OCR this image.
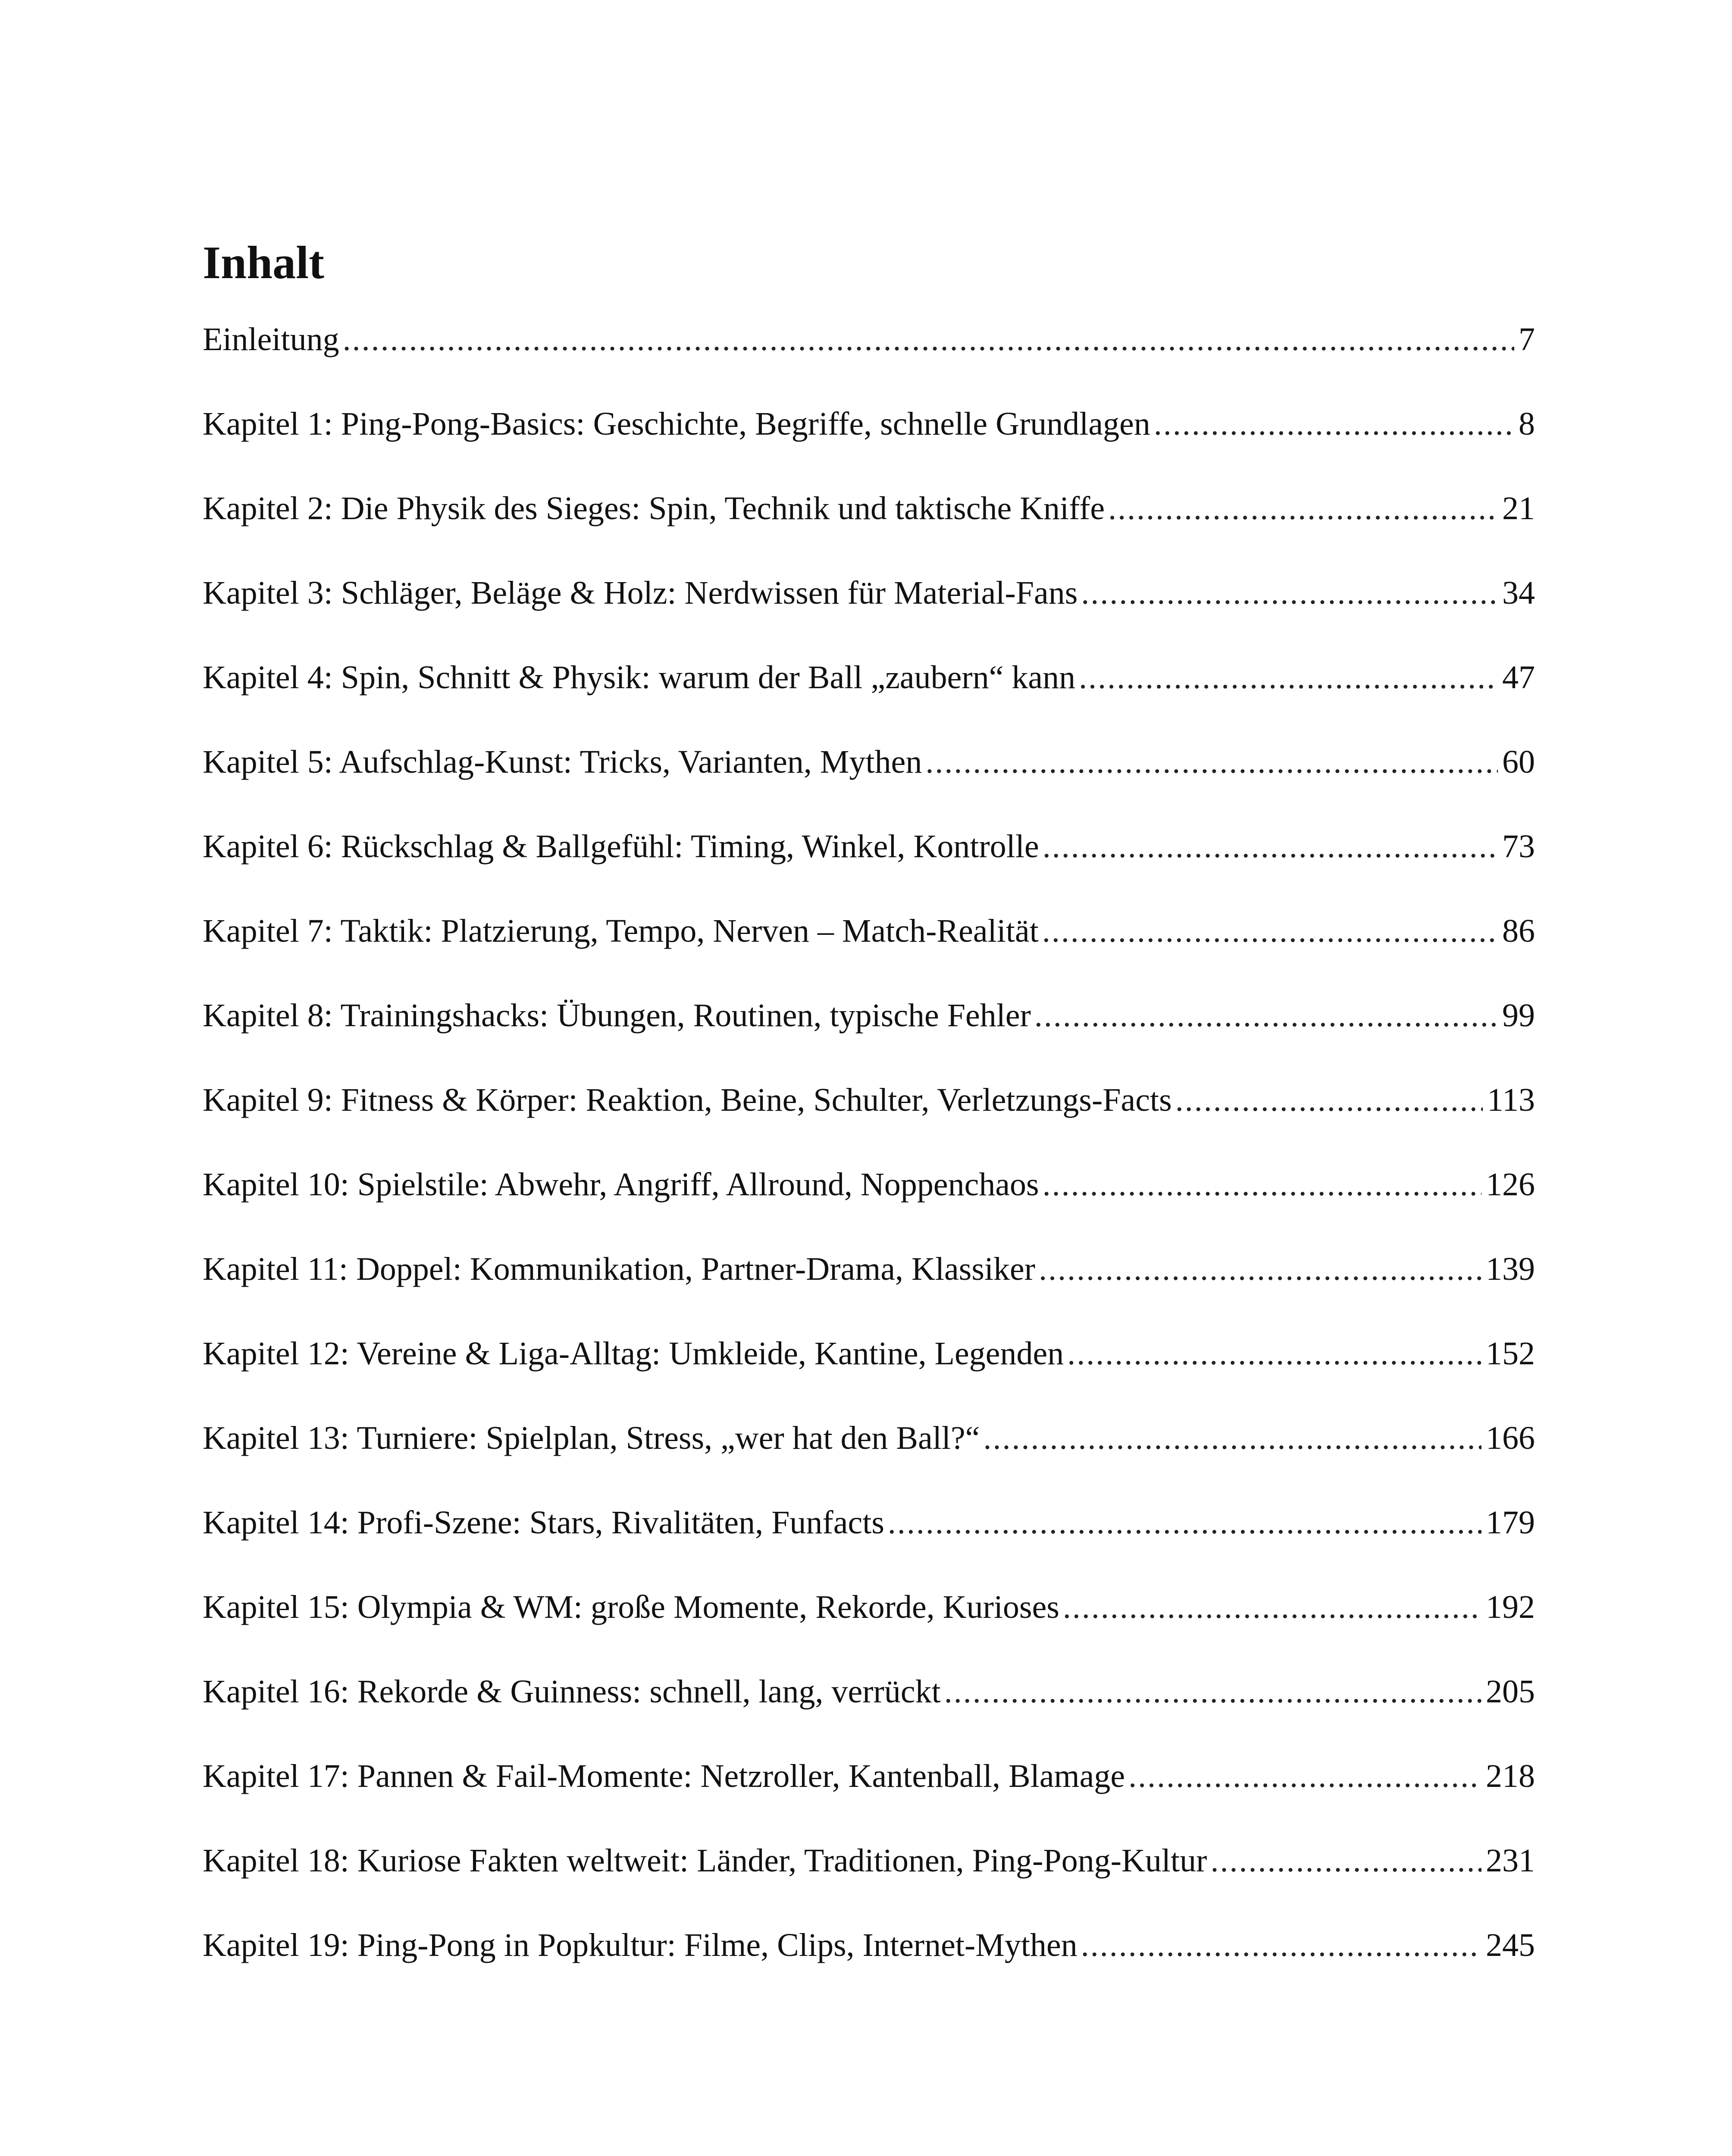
Inhalt
Einleitung .....	7
Kapitel 1: Ping-Pong-Basics: Geschichte, Begriffe, schnelle Grundlagen .....	8
Kapitel 2: Die Physik des Sieges: Spin, Technik und taktische Kniffe .....	21
Kapitel 3: Schläger, Beläge & Holz: Nerdwissen für Material-Fans .....	34
Kapitel 4: Spin, Schnitt & Physik: warum der Ball „zaubern“ kann .....	47
Kapitel 5: Aufschlag-Kunst: Tricks, Varianten, Mythen .....	60
Kapitel 6: Rückschlag & Ballgefühl: Timing, Winkel, Kontrolle .....	73
Kapitel 7: Taktik: Platzierung, Tempo, Nerven – Match-Realität .....	86
Kapitel 8: Trainingshacks: Übungen, Routinen, typische Fehler .....	99
Kapitel 9: Fitness & Körper: Reaktion, Beine, Schulter, Verletzungs-Facts .....	113
Kapitel 10: Spielstile: Abwehr, Angriff, Allround, Noppenchaos .....	126
Kapitel 11: Doppel: Kommunikation, Partner-Drama, Klassiker .....	139
Kapitel 12: Vereine & Liga-Alltag: Umkleide, Kantine, Legenden .....	152
Kapitel 13: Turniere: Spielplan, Stress, „wer hat den Ball?“ .....	166
Kapitel 14: Profi-Szene: Stars, Rivalitäten, Funfacts .....	179
Kapitel 15: Olympia & WM: große Momente, Rekorde, Kurioses .....	192
Kapitel 16: Rekorde & Guinness: schnell, lang, verrückt .....	205
Kapitel 17: Pannen & Fail-Momente: Netzroller, Kantenball, Blamage .....	218
Kapitel 18: Kuriose Fakten weltweit: Länder, Traditionen, Ping-Pong-Kultur .....	231
Kapitel 19: Ping-Pong in Popkultur: Filme, Clips, Internet-Mythen .....	245
